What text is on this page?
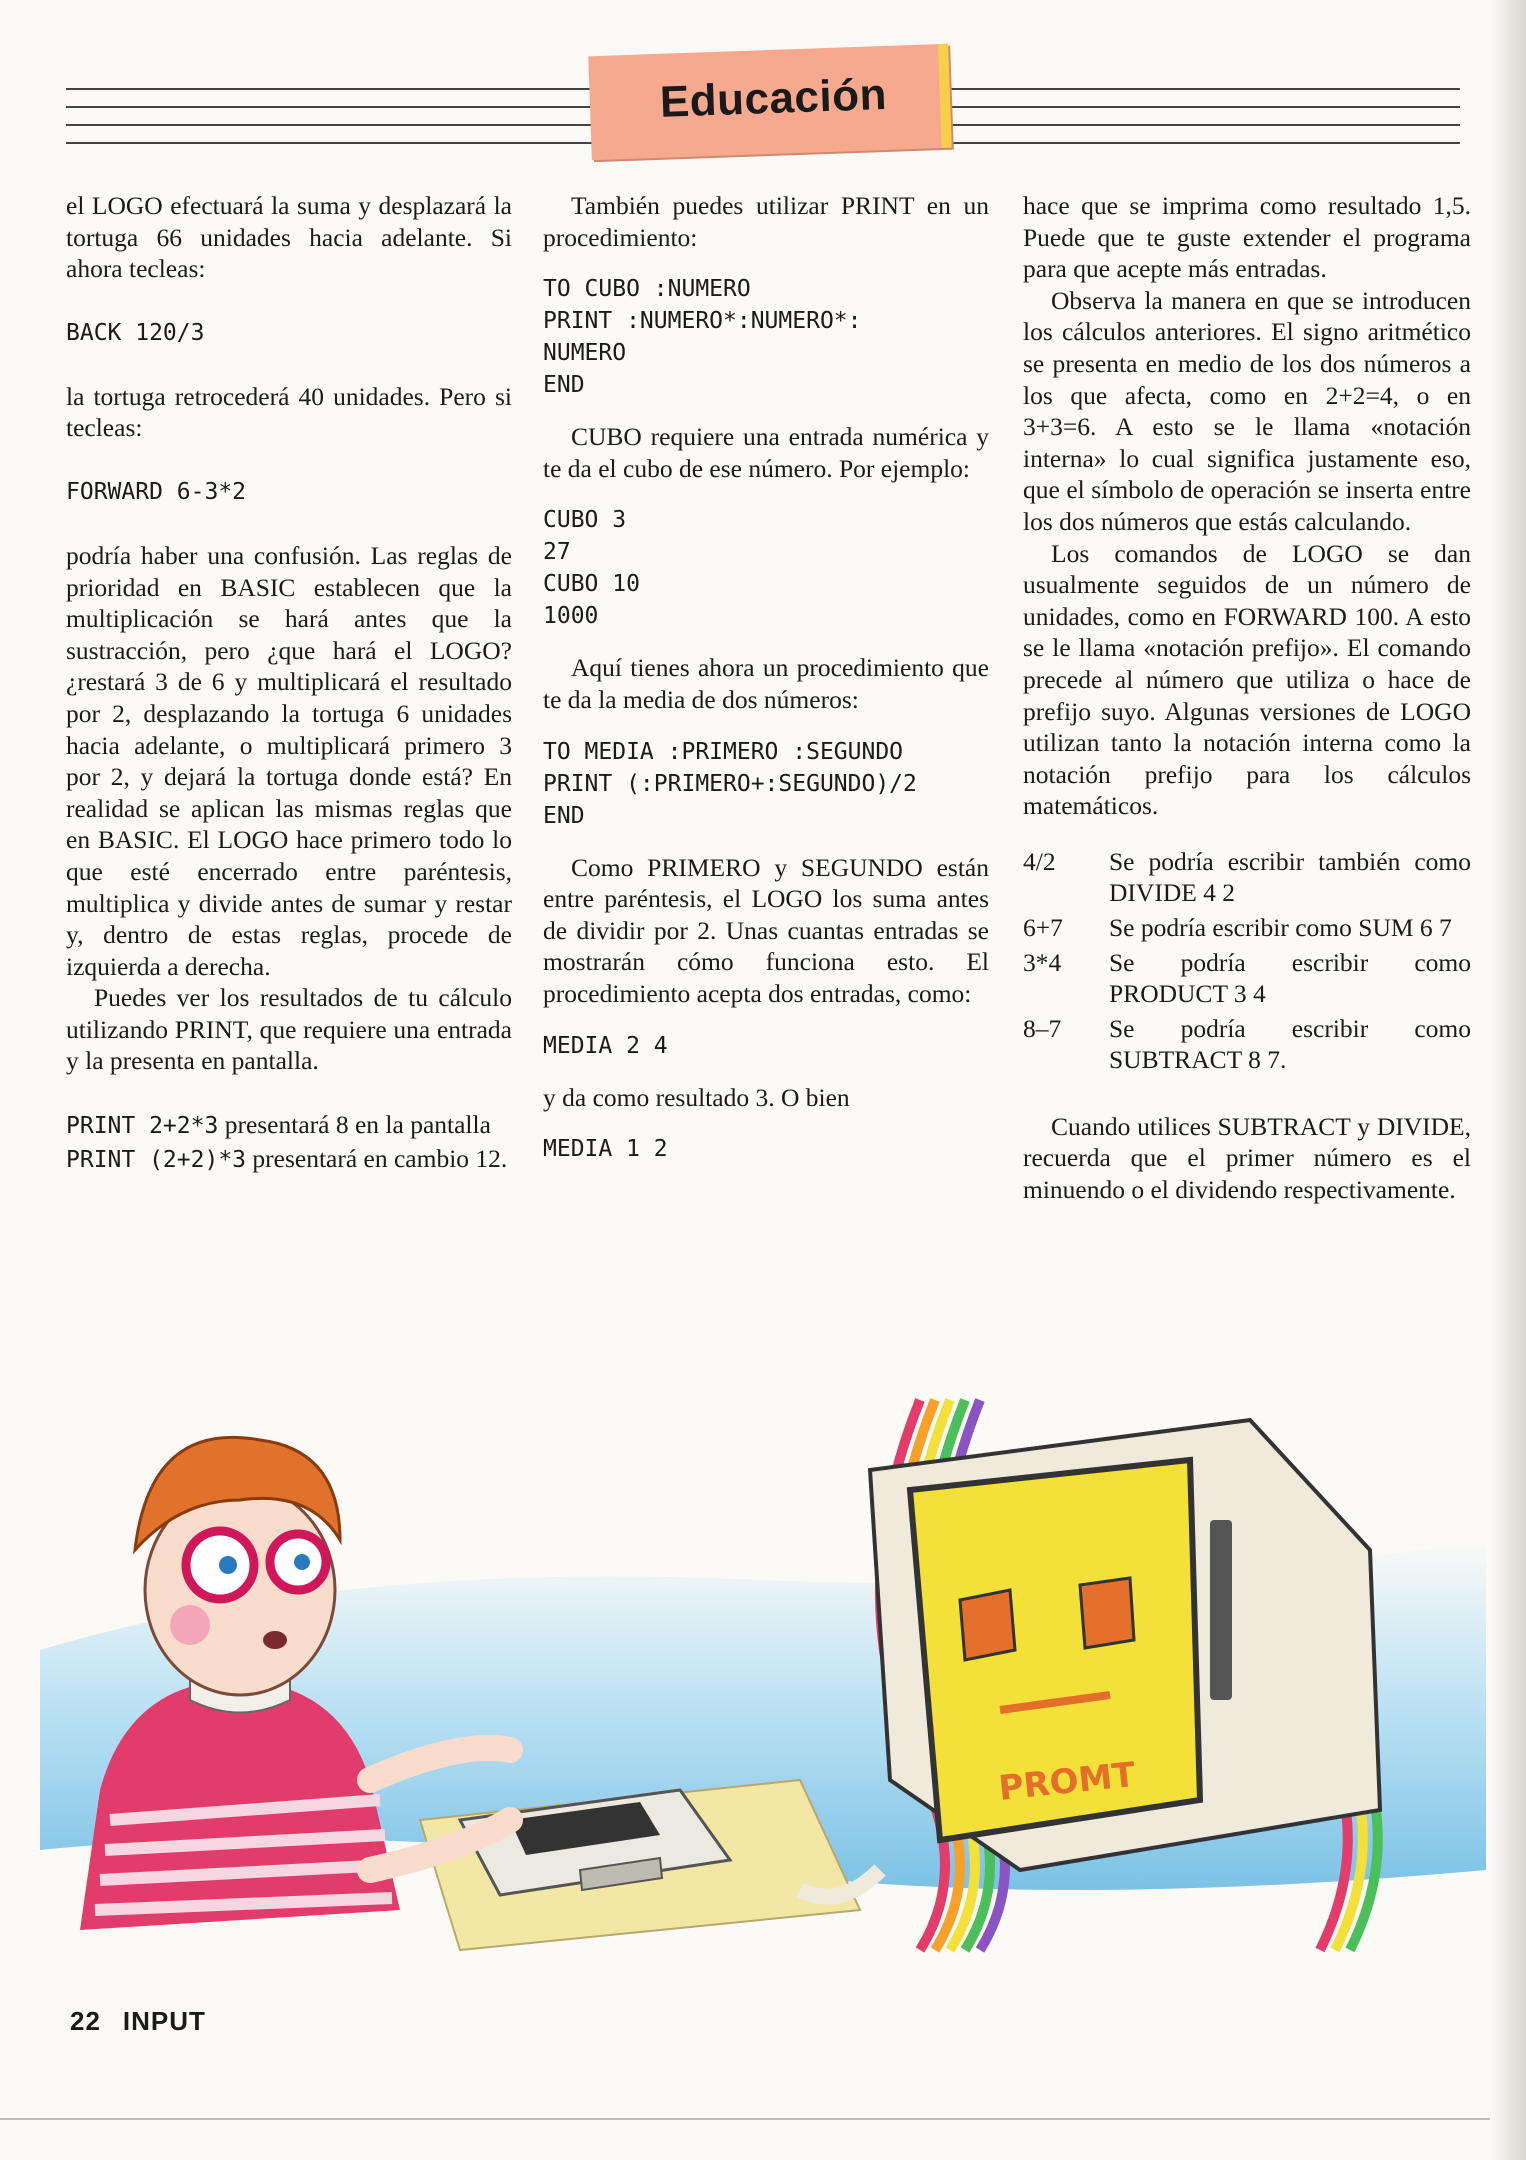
Educación

el LOGO efectuará la suma y desplazará la tortuga 66 unidades hacia adelante. Si ahora tecleas:

BACK 120/3

la tortuga retrocederá 40 unidades. Pero si tecleas:

FORWARD 6-3*2

podría haber una confusión. Las reglas de prioridad en BASIC establecen que la multiplicación se hará antes que la sustracción, pero ¿que hará el LOGO? ¿restará 3 de 6 y multiplicará el resultado por 2, desplazando la tortuga 6 unidades hacia adelante, o multiplicará primero 3 por 2, y dejará la tortuga donde está? En realidad se aplican las mismas reglas que en BASIC. El LOGO hace primero todo lo que esté encerrado entre paréntesis, multiplica y divide antes de sumar y restar y, dentro de estas reglas, procede de izquierda a derecha.

Puedes ver los resultados de tu cálculo utilizando PRINT, que requiere una entrada y la presenta en pantalla.

PRINT 2+2*3 presentará 8 en la pantalla

PRINT (2+2)*3 presentará en cambio 12.

También puedes utilizar PRINT en un procedimiento:

TO CUBO :NUMERO
PRINT :NUMERO*:NUMERO*:
NUMERO
END

CUBO requiere una entrada numérica y te da el cubo de ese número. Por ejemplo:

CUBO 3
27
CUBO 10
1000

Aquí tienes ahora un procedimiento que te da la media de dos números:

TO MEDIA :PRIMERO :SEGUNDO
PRINT (:PRIMERO+:SEGUNDO)/2
END

Como PRIMERO y SEGUNDO están entre paréntesis, el LOGO los suma antes de dividir por 2. Unas cuantas entradas se mostrarán cómo funciona esto. El procedimiento acepta dos entradas, como:

MEDIA 2 4

y da como resultado 3. O bien

MEDIA 1 2

hace que se imprima como resultado 1,5. Puede que te guste extender el programa para que acepte más entradas.

Observa la manera en que se introducen los cálculos anteriores. El signo aritmético se presenta en medio de los dos números a los que afecta, como en 2+2=4, o en 3+3=6. A esto se le llama «notación interna» lo cual significa justamente eso, que el símbolo de operación se inserta entre los dos números que estás calculando.

Los comandos de LOGO se dan usualmente seguidos de un número de unidades, como en FORWARD 100. A esto se le llama «notación prefijo». El comando precede al número que utiliza o hace de prefijo suyo. Algunas versiones de LOGO utilizan tanto la notación interna como la notación prefijo para los cálculos matemáticos.

4/2	Se podría escribir también como DIVIDE 4 2
6+7	Se podría escribir como SUM 6 7
3*4	Se podría escribir como PRODUCT 3 4
8–7	Se podría escribir como SUBTRACT 8 7.

Cuando utilices SUBTRACT y DIVIDE, recuerda que el primer número es el minuendo o el dividendo respectivamente.

PROMT
22 INPUT
